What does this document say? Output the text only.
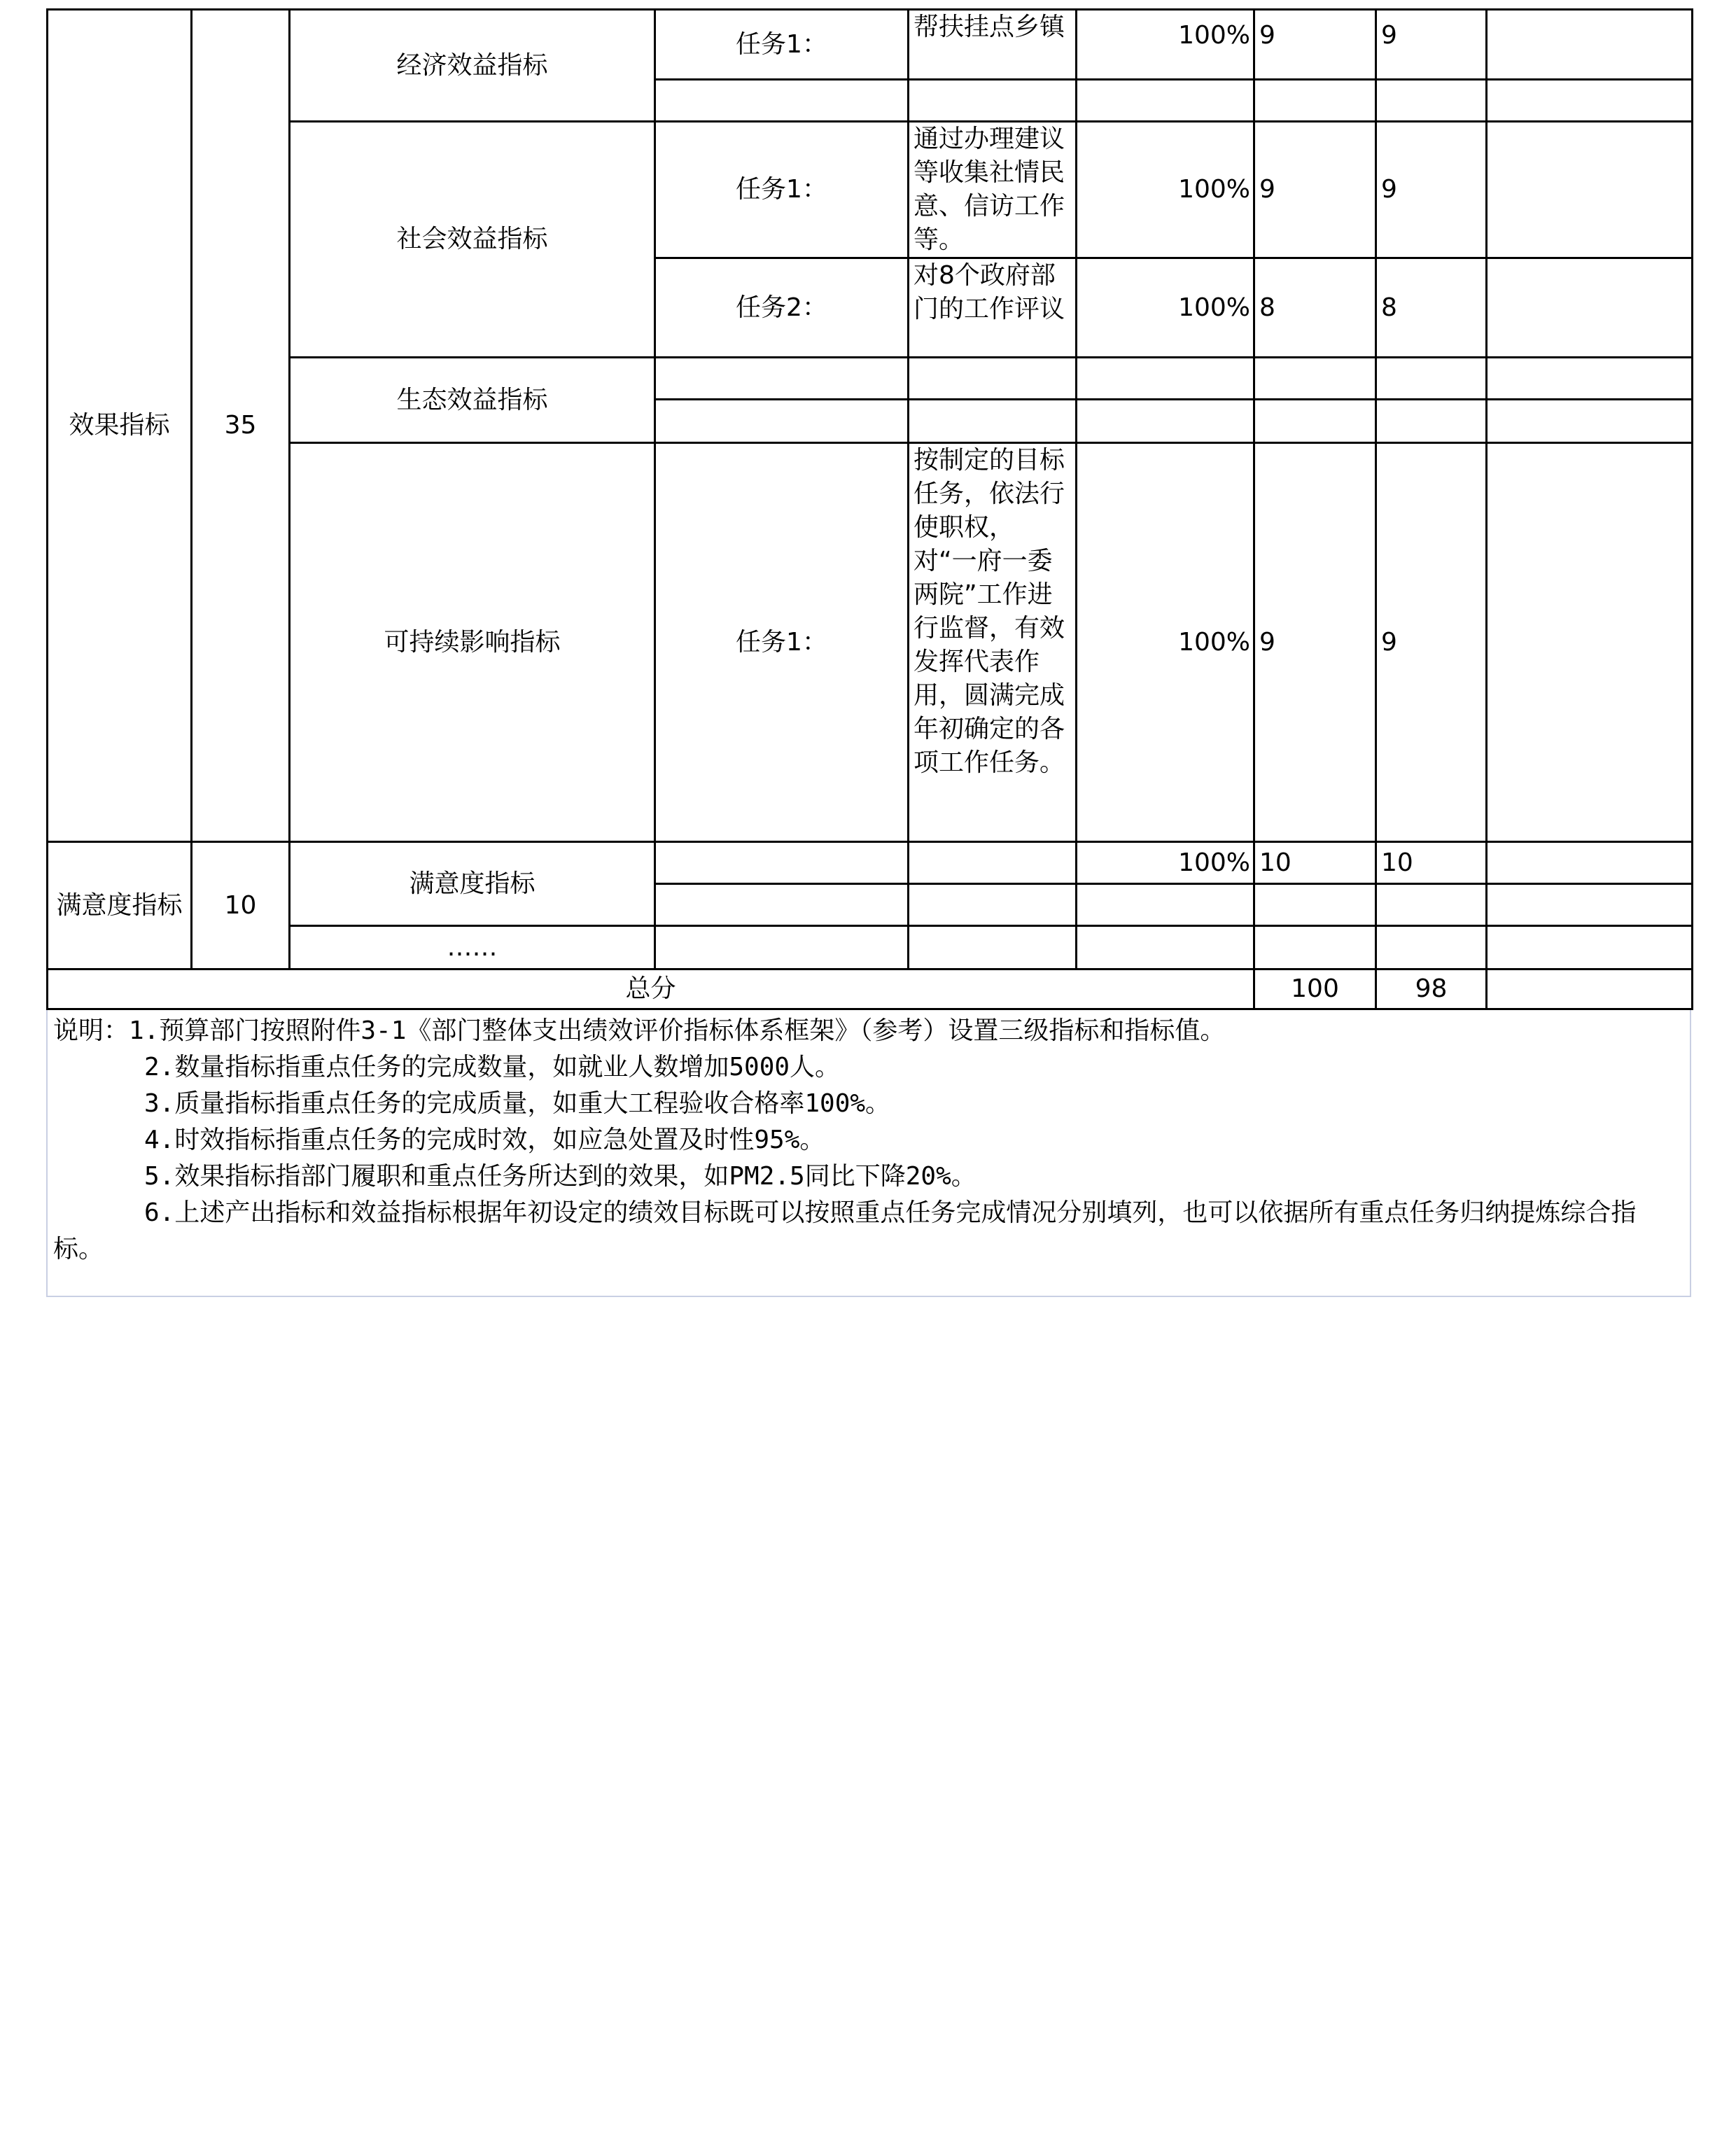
效果指标	35	经济效益指标	任务1：	帮扶挂点乡镇	100%	9	9	

		社会效益指标	任务1：	通过办理建议等收集社情民意、信访工作等。	100%	9	9	
			任务2：	对8个政府部门的工作评议	100%	8	8	
		生态效益指标						

		可持续影响指标	任务1：	按制定的目标任务，依法行使职权，对“一府一委两院”工作进行监督，有效发挥代表作用，圆满完成年初确定的各项工作任务。	100%	9	9	

满意度指标	10	满意度指标			100%	10	10	

		……						
总分						100	98	
说明：1.预算部门按照附件3-1《部门整体支出绩效评价指标体系框架》（参考）设置三级指标和指标值。
2.数量指标指重点任务的完成数量，如就业人数增加5000人。
3.质量指标指重点任务的完成质量，如重大工程验收合格率100%。
4.时效指标指重点任务的完成时效，如应急处置及时性95%。
5.效果指标指部门履职和重点任务所达到的效果，如PM2.5同比下降20%。
6.上述产出指标和效益指标根据年初设定的绩效目标既可以按照重点任务完成情况分别填列，也可以依据所有重点任务归纳提炼综合指标。
